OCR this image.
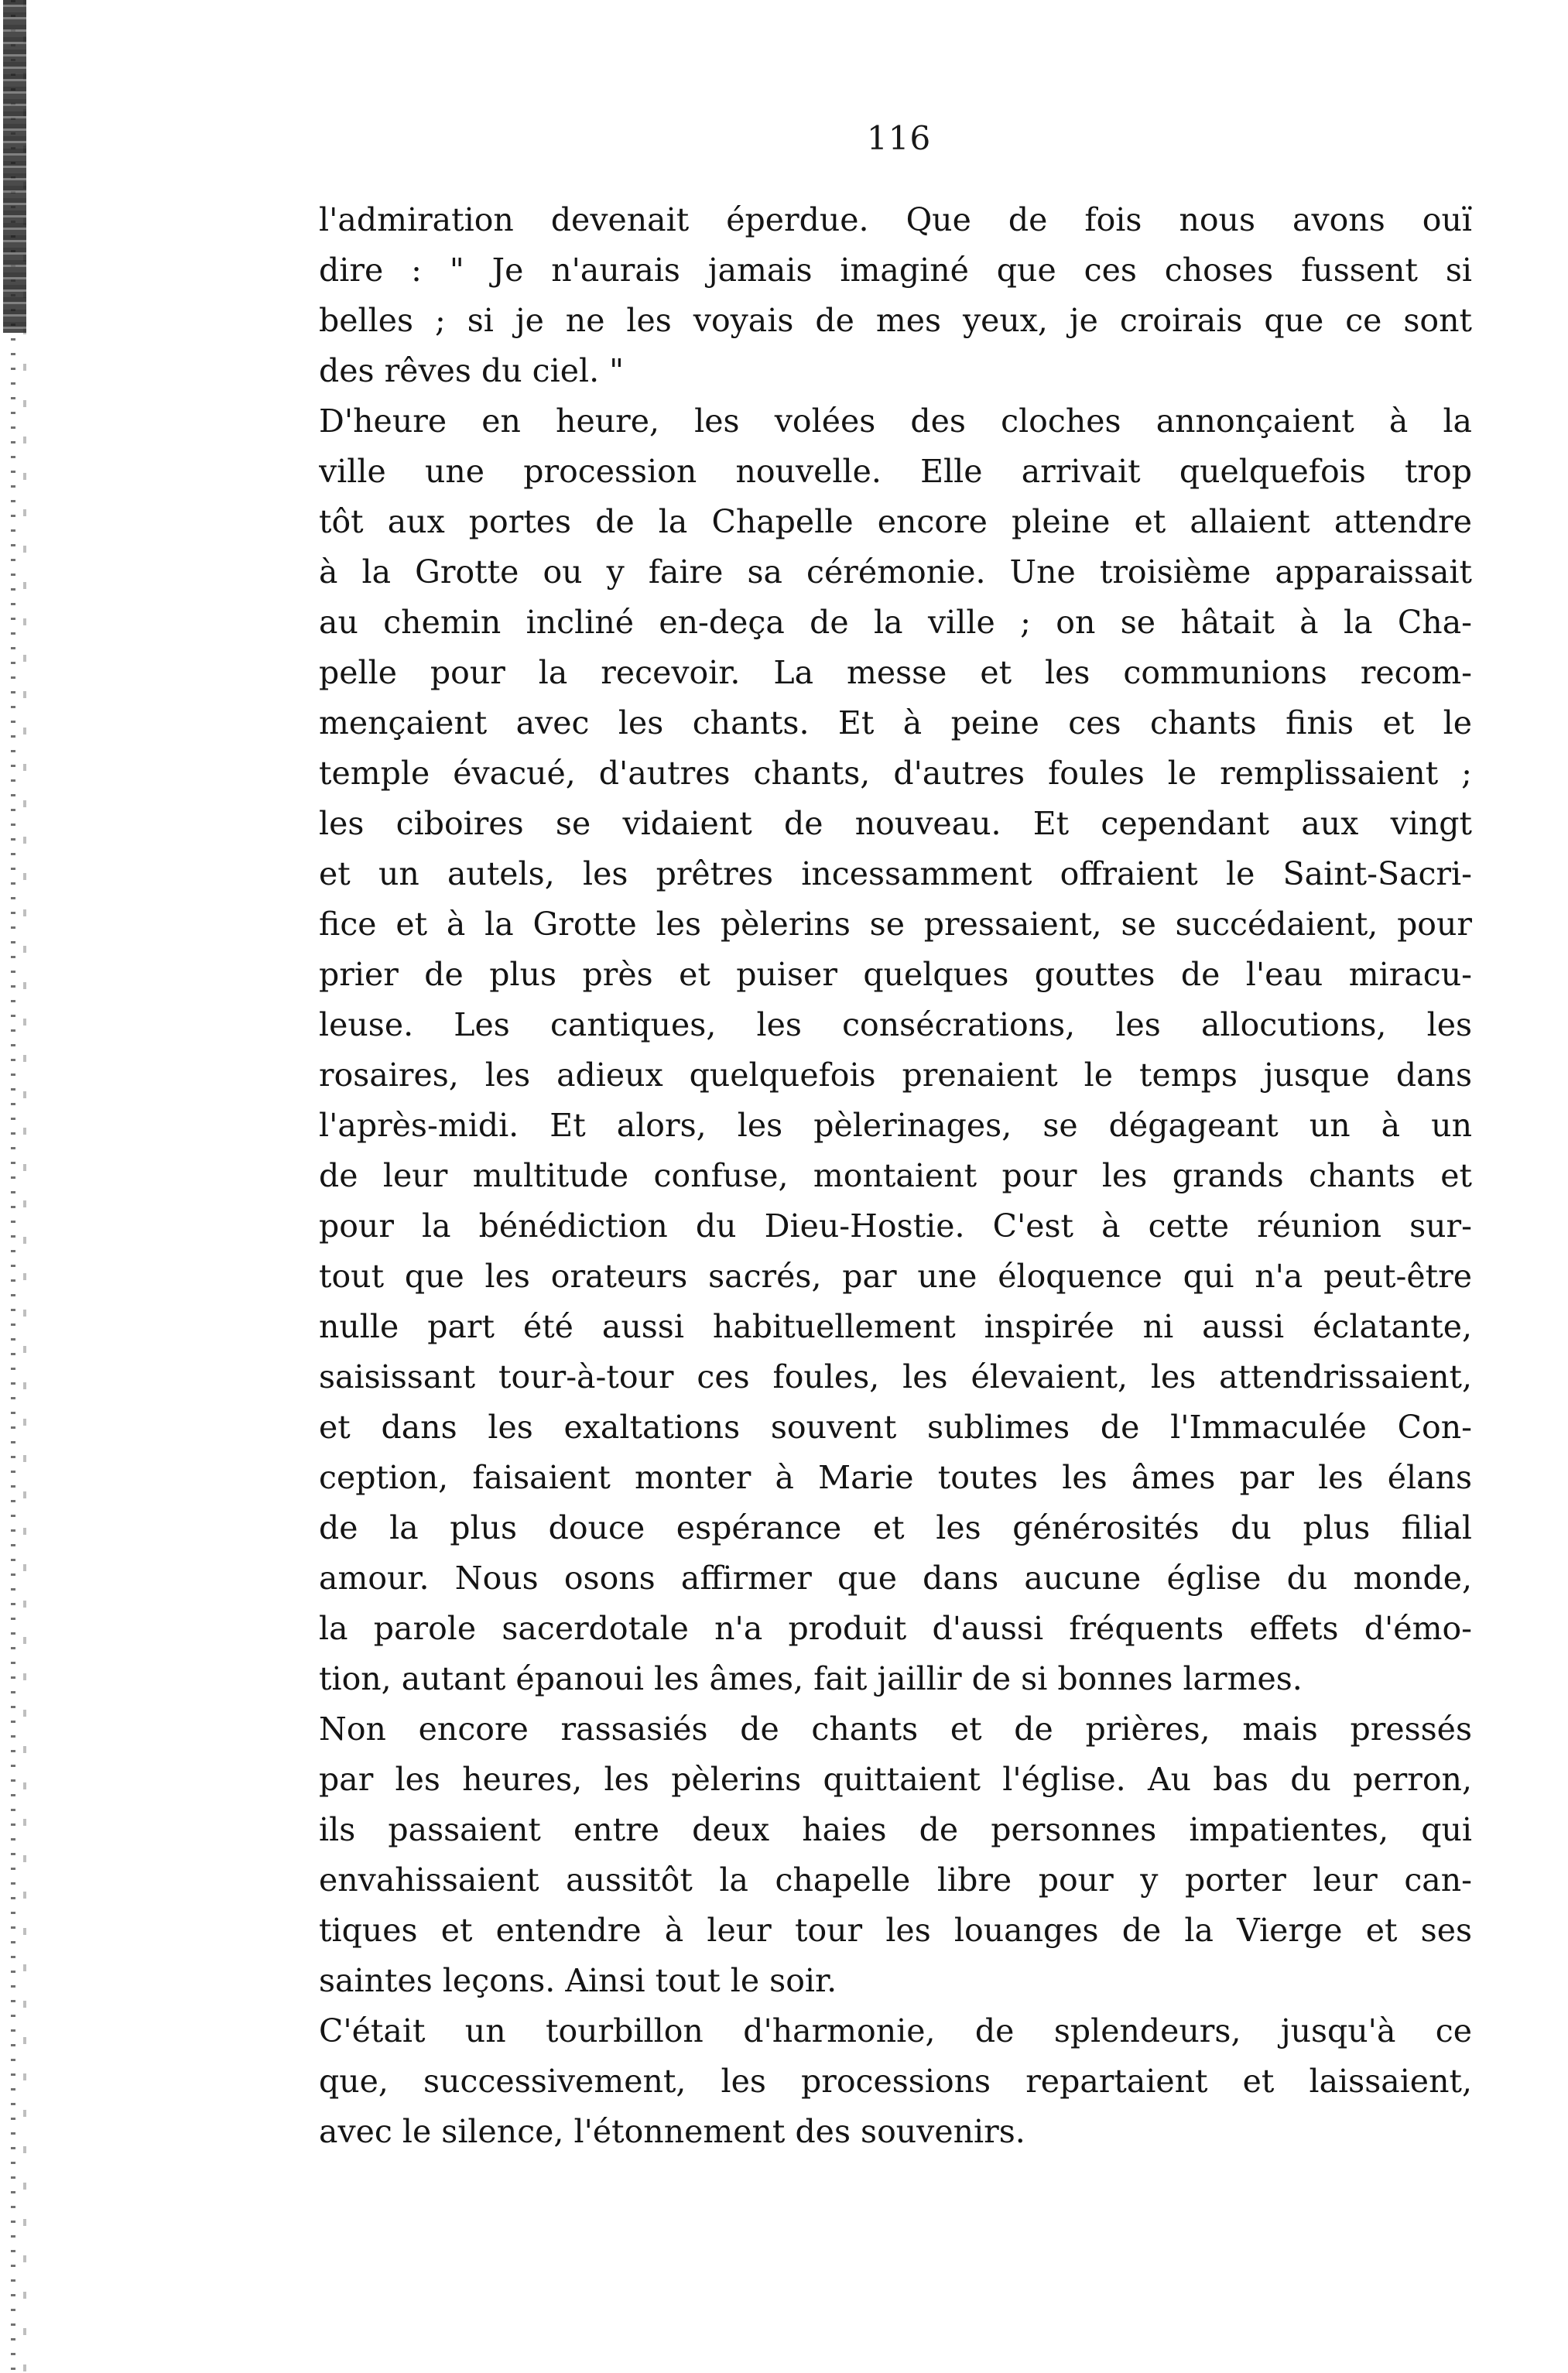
116
l'admiration devenait éperdue. Que de fois nous avons ouï
dire : " Je n'aurais jamais imaginé que ces choses fussent si
belles ; si je ne les voyais de mes yeux, je croirais que ce sont
des rêves du ciel. "
D'heure en heure, les volées des cloches annonçaient à la
ville une procession nouvelle. Elle arrivait quelquefois trop
tôt aux portes de la Chapelle encore pleine et allaient attendre
à la Grotte ou y faire sa cérémonie. Une troisième apparaissait
au chemin incliné en-deça de la ville ; on se hâtait à la Cha-
pelle pour la recevoir. La messe et les communions recom-
mençaient avec les chants. Et à peine ces chants finis et le
temple évacué, d'autres chants, d'autres foules le remplissaient ;
les ciboires se vidaient de nouveau. Et cependant aux vingt
et un autels, les prêtres incessamment offraient le Saint-Sacri-
fice et à la Grotte les pèlerins se pressaient, se succédaient, pour
prier de plus près et puiser quelques gouttes de l'eau miracu-
leuse. Les cantiques, les consécrations, les allocutions, les
rosaires, les adieux quelquefois prenaient le temps jusque dans
l'après-midi. Et alors, les pèlerinages, se dégageant un à un
de leur multitude confuse, montaient pour les grands chants et
pour la bénédiction du Dieu-Hostie. C'est à cette réunion sur-
tout que les orateurs sacrés, par une éloquence qui n'a peut-être
nulle part été aussi habituellement inspirée ni aussi éclatante,
saisissant tour-à-tour ces foules, les élevaient, les attendrissaient,
et dans les exaltations souvent sublimes de l'Immaculée Con-
ception, faisaient monter à Marie toutes les âmes par les élans
de la plus douce espérance et les générosités du plus filial
amour. Nous osons affirmer que dans aucune église du monde,
la parole sacerdotale n'a produit d'aussi fréquents effets d'émo-
tion, autant épanoui les âmes, fait jaillir de si bonnes larmes.
Non encore rassasiés de chants et de prières, mais pressés
par les heures, les pèlerins quittaient l'église. Au bas du perron,
ils passaient entre deux haies de personnes impatientes, qui
envahissaient aussitôt la chapelle libre pour y porter leur can-
tiques et entendre à leur tour les louanges de la Vierge et ses
saintes leçons. Ainsi tout le soir.
C'était un tourbillon d'harmonie, de splendeurs, jusqu'à ce
que, successivement, les processions repartaient et laissaient,
avec le silence, l'étonnement des souvenirs.
